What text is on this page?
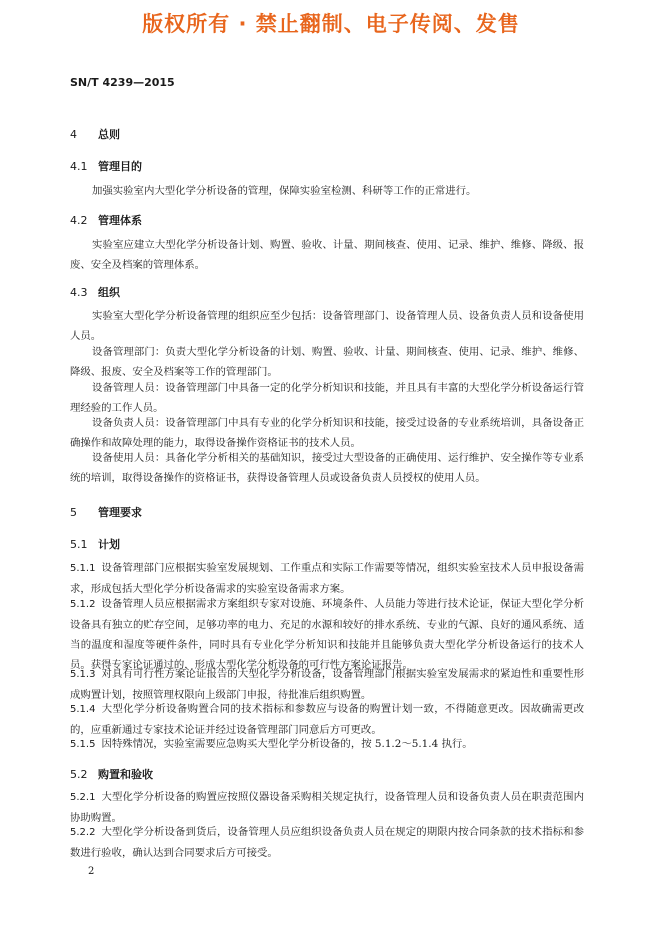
版权所有 · 禁止翻制、电子传阅、发售
SN/T 4239—2015
4 总则
4.1 管理目的
加强实验室内大型化学分析设备的管理，保障实验室检测、科研等工作的正常进行。
4.2 管理体系
实验室应建立大型化学分析设备计划、购置、验收、计量、期间核查、使用、记录、维护、维修、降级、报废、安全及档案的管理体系。
4.3 组织
实验室大型化学分析设备管理的组织应至少包括：设备管理部门、设备管理人员、设备负责人员和设备使用人员。
设备管理部门：负责大型化学分析设备的计划、购置、验收、计量、期间核查、使用、记录、维护、维修、降级、报废、安全及档案等工作的管理部门。
设备管理人员：设备管理部门中具备一定的化学分析知识和技能，并且具有丰富的大型化学分析设备运行管理经验的工作人员。
设备负责人员：设备管理部门中具有专业的化学分析知识和技能，接受过设备的专业系统培训，具备设备正确操作和故障处理的能力，取得设备操作资格证书的技术人员。
设备使用人员：具备化学分析相关的基础知识，接受过大型设备的正确使用、运行维护、安全操作等专业系统的培训，取得设备操作的资格证书，获得设备管理人员或设备负责人员授权的使用人员。
5 管理要求
5.1 计划
5.1.1 设备管理部门应根据实验室发展规划、工作重点和实际工作需要等情况，组织实验室技术人员申报设备需求，形成包括大型化学分析设备需求的实验室设备需求方案。
5.1.2 设备管理人员应根据需求方案组织专家对设施、环境条件、人员能力等进行技术论证，保证大型化学分析设备具有独立的贮存空间，足够功率的电力、充足的水源和较好的排水系统、专业的气源、良好的通风系统、适当的温度和湿度等硬件条件，同时具有专业化学分析知识和技能并且能够负责大型化学分析设备运行的技术人员。获得专家论证通过的，形成大型化学分析设备的可行性方案论证报告。
5.1.3 对具有可行性方案论证报告的大型化学分析设备，设备管理部门根据实验室发展需求的紧迫性和重要性形成购置计划，按照管理权限向上级部门申报，待批准后组织购置。
5.1.4 大型化学分析设备购置合同的技术指标和参数应与设备的购置计划一致，不得随意更改。因故确需更改的，应重新通过专家技术论证并经过设备管理部门同意后方可更改。
5.1.5 因特殊情况，实验室需要应急购买大型化学分析设备的，按 5.1.2～5.1.4 执行。
5.2 购置和验收
5.2.1 大型化学分析设备的购置应按照仪器设备采购相关规定执行，设备管理人员和设备负责人员在职责范围内协助购置。
5.2.2 大型化学分析设备到货后，设备管理人员应组织设备负责人员在规定的期限内按合同条款的技术指标和参数进行验收，确认达到合同要求后方可接受。
2
